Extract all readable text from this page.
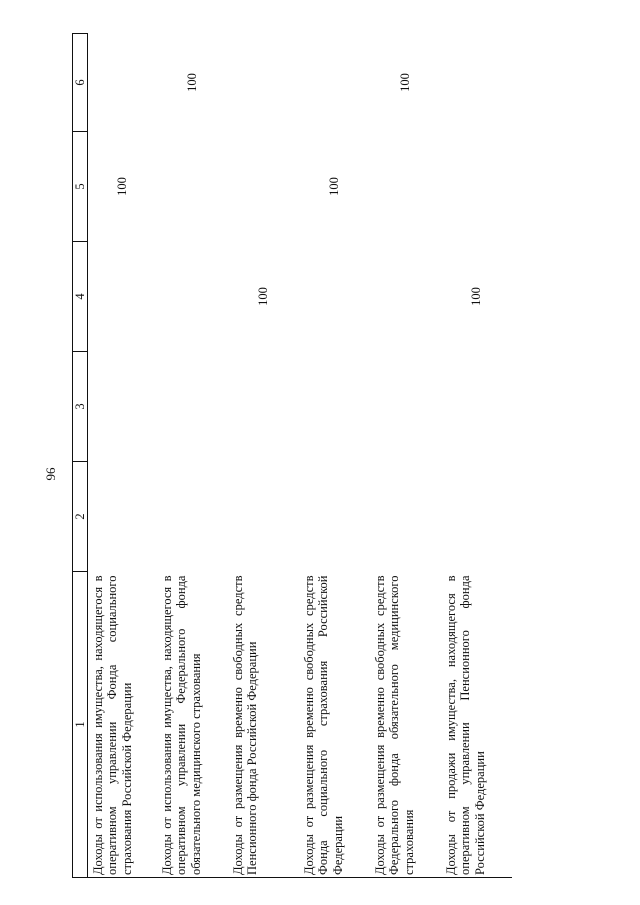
96
1	2	3	4	5	6
Доходы от использования имущества, находящегося в оперативном управлении Фонда социального страхования Российской Федерации				100	
Доходы от использования имущества, находящегося в оперативном управлении Федерального фонда обязательного медицинского страхования					100
Доходы от размещения временно свободных средств Пенсионного фонда Российской Федерации			100		
Доходы от размещения временно свободных средств Фонда социального страхования Российской Федерации				100	
Доходы от размещения временно свободных средств Федерального фонда обязательного медицинского страхования					100
Доходы от продажи имущества, находящегося в оперативном управлении Пенсионного фонда Российской Федерации			100		
